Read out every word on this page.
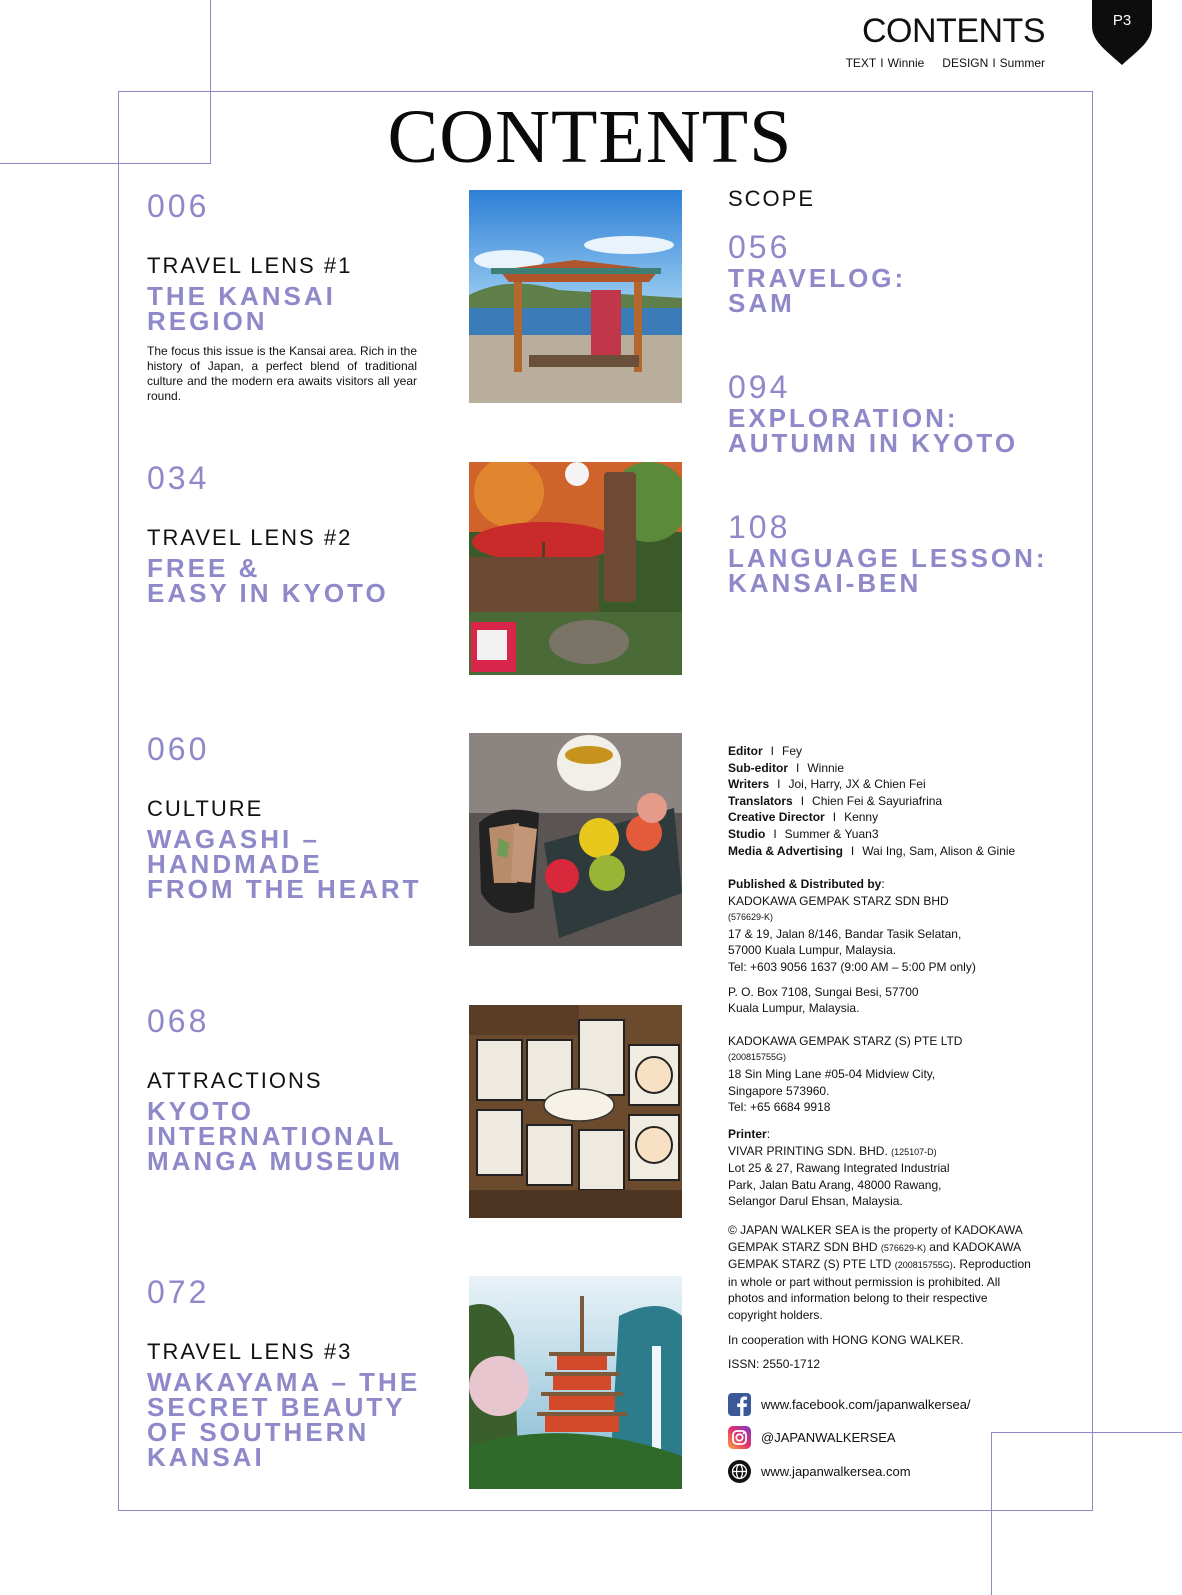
CONTENTS
TEXT I Winnie DESIGN I Summer
P3
CONTENTS
006
TRAVEL LENS #1
THE KANSAI
REGION
The focus this issue is the Kansai area. Rich in the history of Japan, a perfect blend of traditional culture and the modern era awaits visitors all year round.
034
TRAVEL LENS #2
FREE &
EASY IN KYOTO
060
CULTURE
WAGASHI –
HANDMADE
FROM THE HEART
068
ATTRACTIONS
KYOTO
INTERNATIONAL
MANGA MUSEUM
072
TRAVEL LENS #3
WAKAYAMA – THE
SECRET BEAUTY
OF SOUTHERN
KANSAI
SCOPE
056
TRAVELOG:
SAM
094
EXPLORATION:
AUTUMN IN KYOTO
108
LANGUAGE LESSON:
KANSAI-BEN
Editor I Fey
Sub-editor I Winnie
Writers I Joi, Harry, JX & Chien Fei
Translators I Chien Fei & Sayuriafrina
Creative Director I Kenny
Studio I Summer & Yuan3
Media & Advertising I Wai Ing, Sam, Alison & Ginie
Published & Distributed by:
KADOKAWA GEMPAK STARZ SDN BHD
(576629-K)
17 & 19, Jalan 8/146, Bandar Tasik Selatan,
57000 Kuala Lumpur, Malaysia.
Tel: +603 9056 1637 (9:00 AM – 5:00 PM only)
P. O. Box 7108, Sungai Besi, 57700
Kuala Lumpur, Malaysia.
KADOKAWA GEMPAK STARZ (S) PTE LTD
(200815755G)
18 Sin Ming Lane #05-04 Midview City,
Singapore 573960.
Tel: +65 6684 9918
Printer:
VIVAR PRINTING SDN. BHD. (125107-D)
Lot 25 & 27, Rawang Integrated Industrial
Park, Jalan Batu Arang, 48000 Rawang,
Selangor Darul Ehsan, Malaysia.
© JAPAN WALKER SEA is the property of KADOKAWA
GEMPAK STARZ SDN BHD (576629-K) and KADOKAWA
GEMPAK STARZ (S) PTE LTD (200815755G). Reproduction
in whole or part without permission is prohibited. All
photos and information belong to their respective
copyright holders.
In cooperation with HONG KONG WALKER.
ISSN: 2550-1712
www.facebook.com/japanwalkersea/
@JAPANWALKERSEA
www.japanwalkersea.com
